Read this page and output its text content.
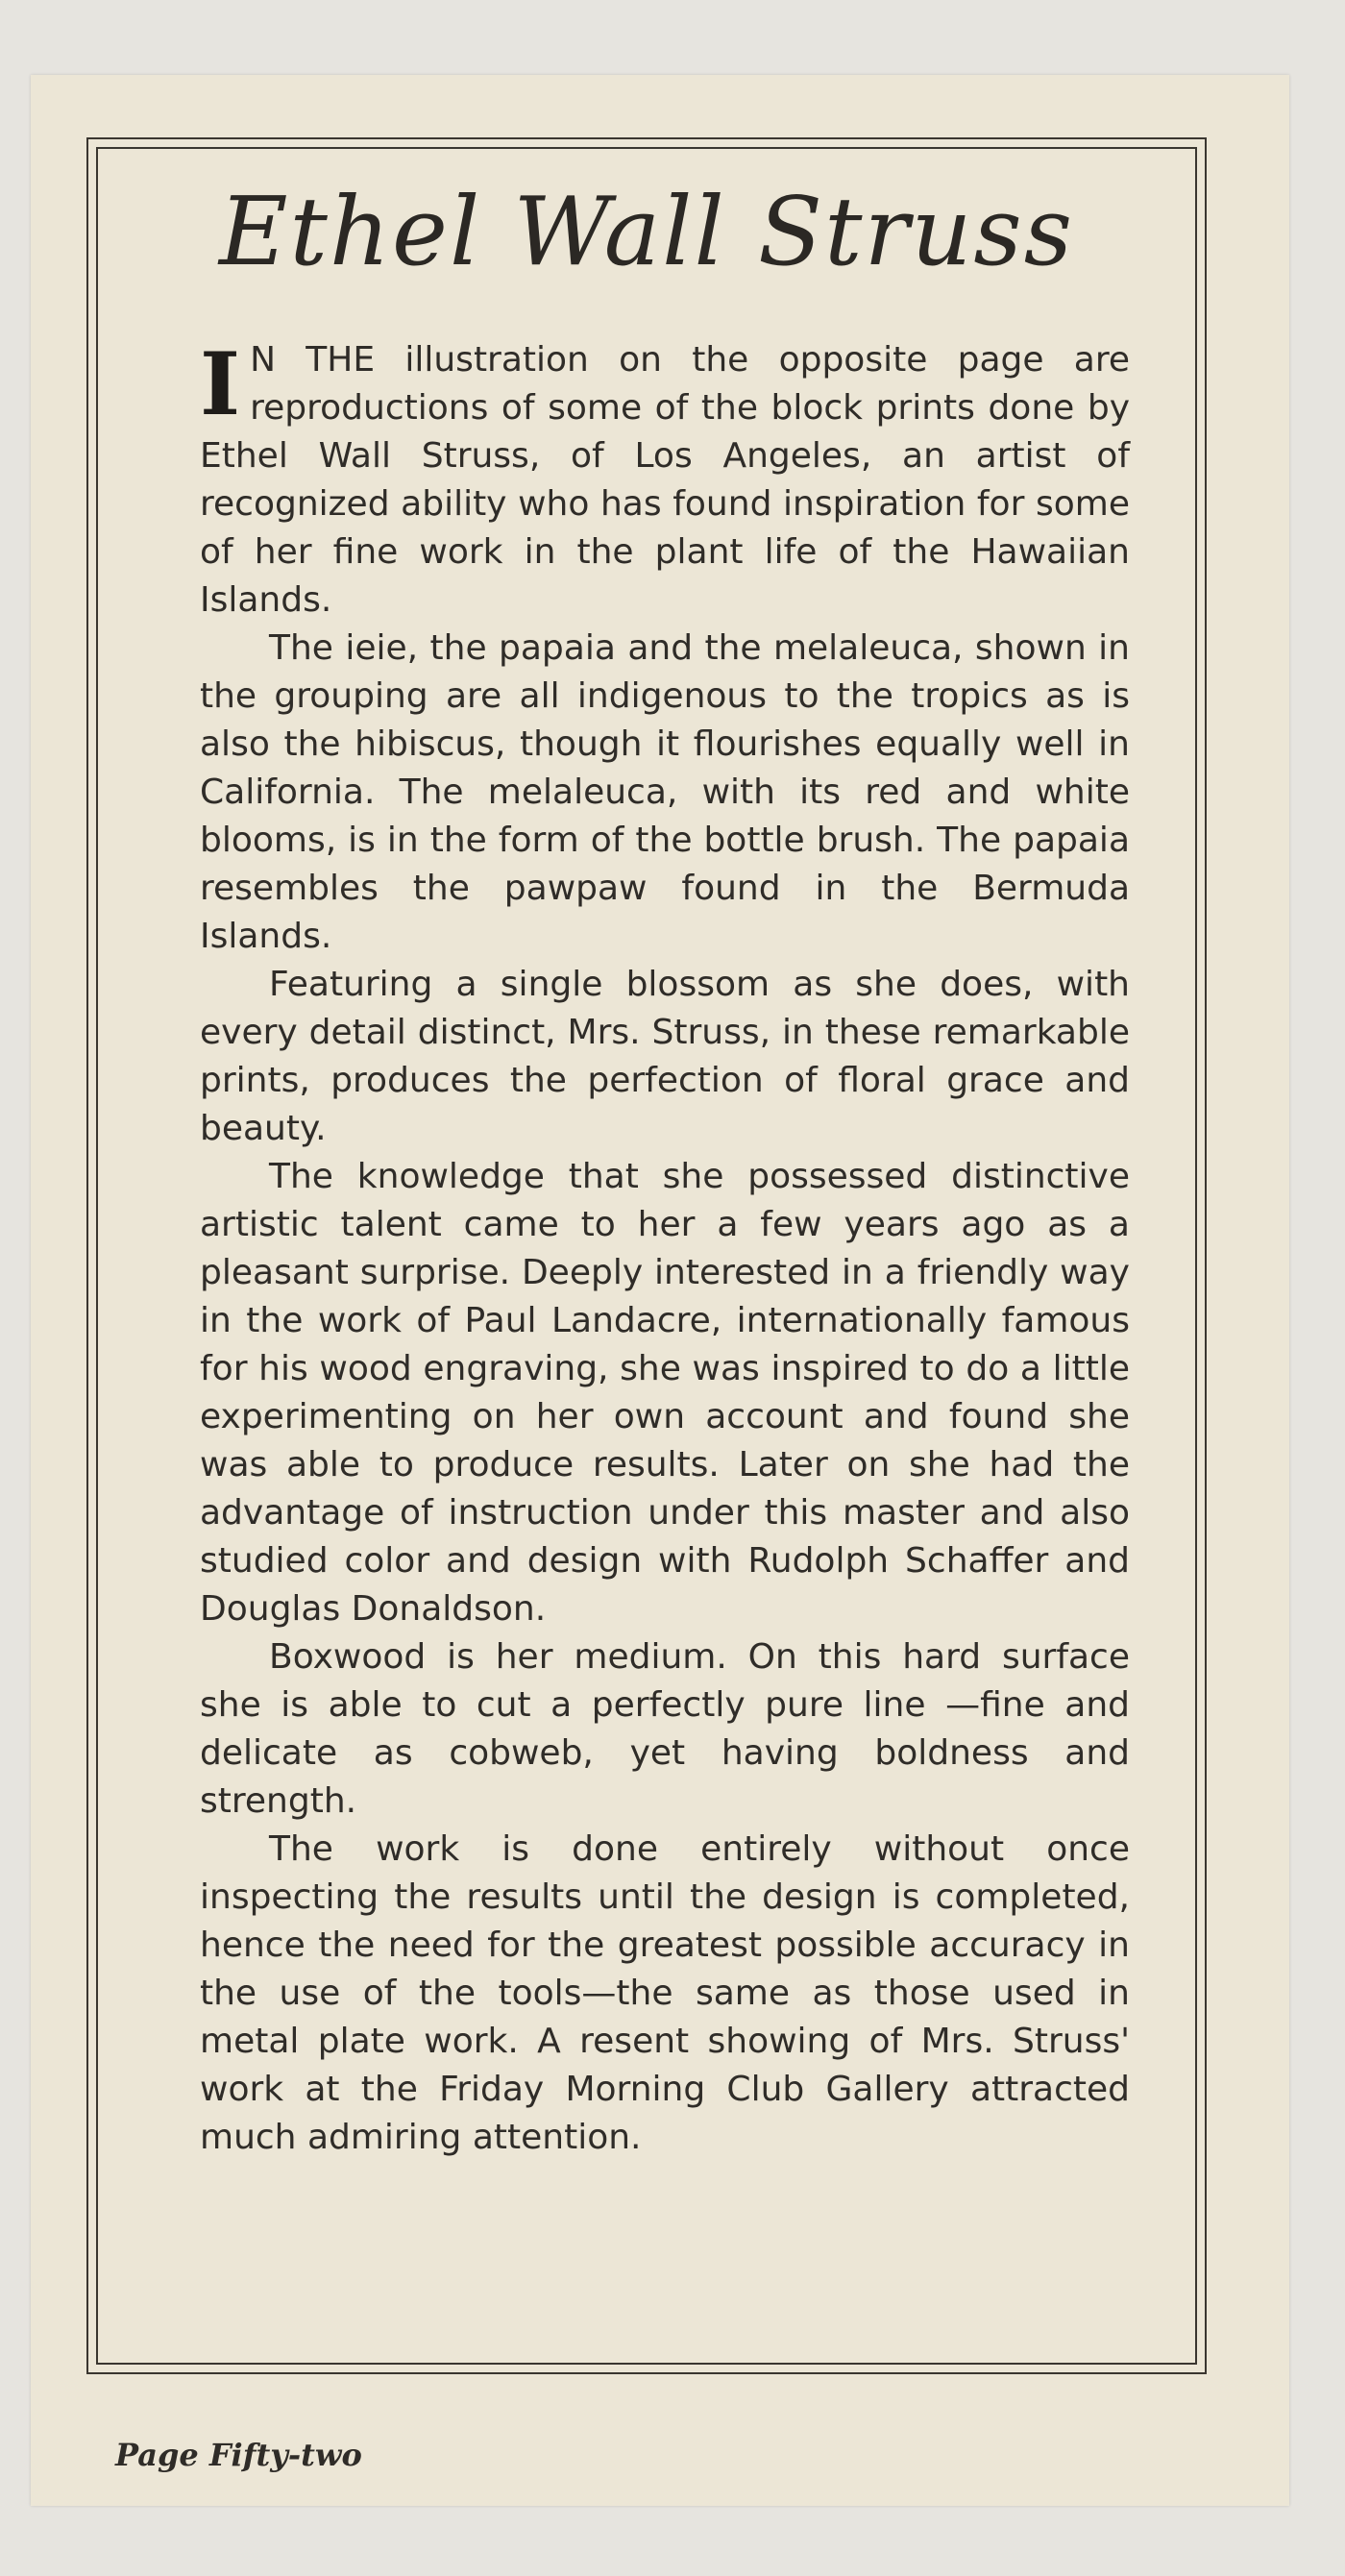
Ethel Wall Struss

I N THE illustration on the opposite page are reproductions of some of the block prints done by Ethel Wall Struss, of Los Angeles, an artist of recognized ability who has found inspiration for some of her fine work in the plant life of the Hawaiian Islands.

The ieie, the papaia and the melaleuca, shown in the grouping are all indigenous to the tropics as is also the hibiscus, though it flourishes equally well in California. The melaleuca, with its red and white blooms, is in the form of the bottle brush. The papaia resembles the pawpaw found in the Bermuda Islands.

Featuring a single blossom as she does, with every detail distinct, Mrs. Struss, in these remarkable prints, produces the perfection of floral grace and beauty.

The knowledge that she possessed distinctive artistic talent came to her a few years ago as a pleasant surprise. Deeply interested in a friendly way in the work of Paul Landacre, internationally famous for his wood engraving, she was inspired to do a little experimenting on her own account and found she was able to produce results. Later on she had the advantage of instruction under this master and also studied color and design with Rudolph Schaffer and Douglas Donaldson.

Boxwood is her medium. On this hard surface she is able to cut a perfectly pure line —fine and delicate as cobweb, yet having boldness and strength.

The work is done entirely without once inspecting the results until the design is completed, hence the need for the greatest possible accuracy in the use of the tools—the same as those used in metal plate work. A resent showing of Mrs. Struss' work at the Friday Morning Club Gallery attracted much admiring attention.

Page Fifty-two
